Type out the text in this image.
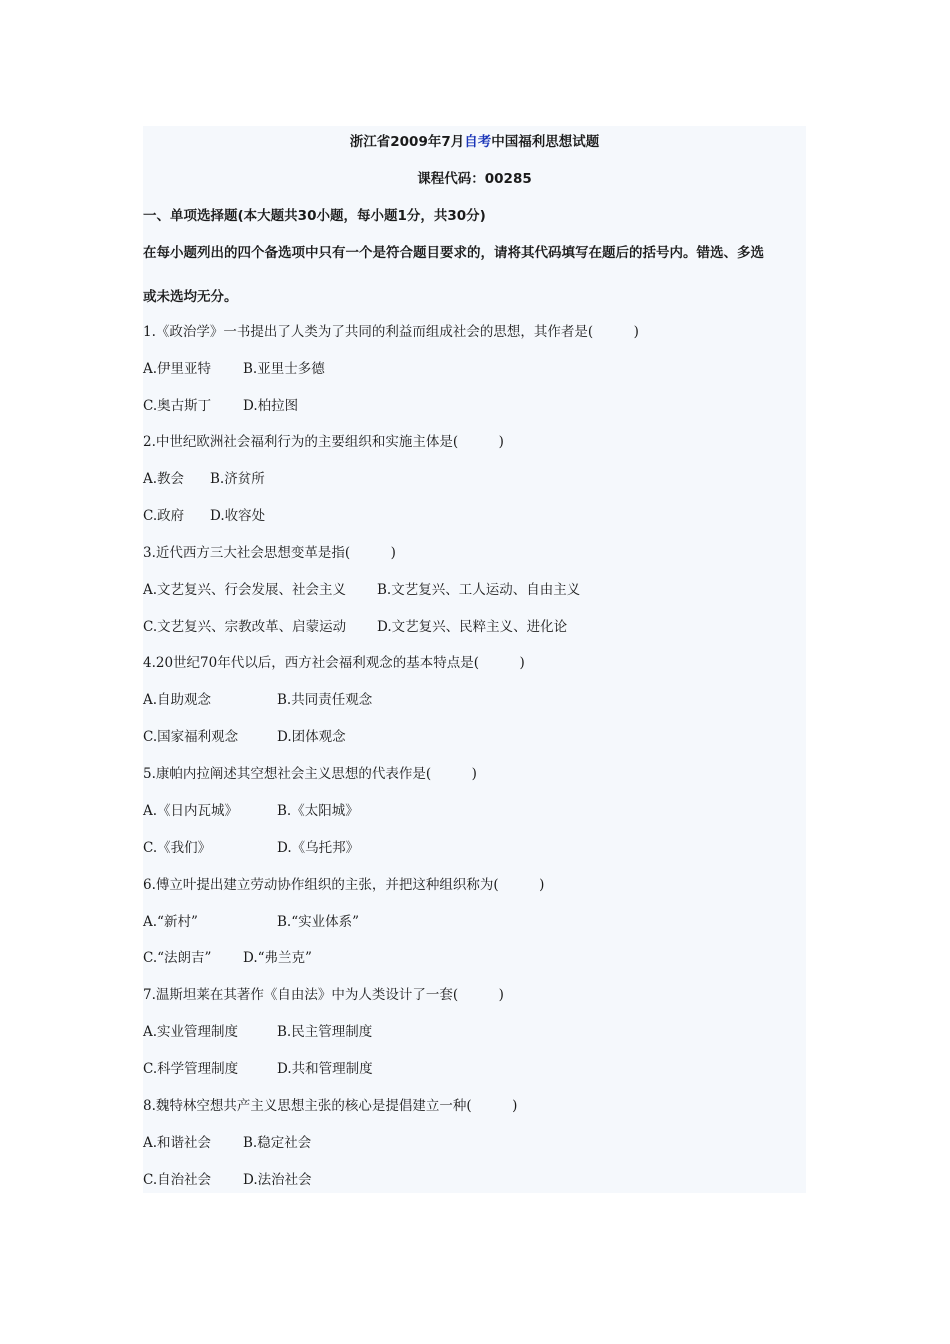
浙江省2009年7月自考中国福利思想试题
课程代码：00285
一、单项选择题(本大题共30小题，每小题1分，共30分)
在每小题列出的四个备选项中只有一个是符合题目要求的，请将其代码填写在题后的括号内。错选、多选
或未选均无分。
1.《政治学》一书提出了人类为了共同的利益而组成社会的思想，其作者是(　　　)
A.伊里亚特 B.亚里士多德
C.奥古斯丁 D.柏拉图
2.中世纪欧洲社会福利行为的主要组织和实施主体是(　　　)
A.教会 B.济贫所
C.政府 D.收容处
3.近代西方三大社会思想变革是指(　　　)
A.文艺复兴、行会发展、社会主义 B.文艺复兴、工人运动、自由主义
C.文艺复兴、宗教改革、启蒙运动 D.文艺复兴、民粹主义、进化论
4.20世纪70年代以后，西方社会福利观念的基本特点是(　　　)
A.自助观念	B.共同责任观念
C.国家福利观念	D.团体观念
5.康帕内拉阐述其空想社会主义思想的代表作是(　　　)
A.《日内瓦城》	B.《太阳城》
C.《我们》	D.《乌托邦》
6.傅立叶提出建立劳动协作组织的主张，并把这种组织称为(　　　)
A.“新村”	B.“实业体系”
C.“法朗吉” D.“弗兰克”
7.温斯坦莱在其著作《自由法》中为人类设计了一套(　　　)
A.实业管理制度	B.民主管理制度
C.科学管理制度	D.共和管理制度
8.魏特林空想共产主义思想主张的核心是提倡建立一种(　　　)
A.和谐社会 B.稳定社会
C.自治社会 D.法治社会
